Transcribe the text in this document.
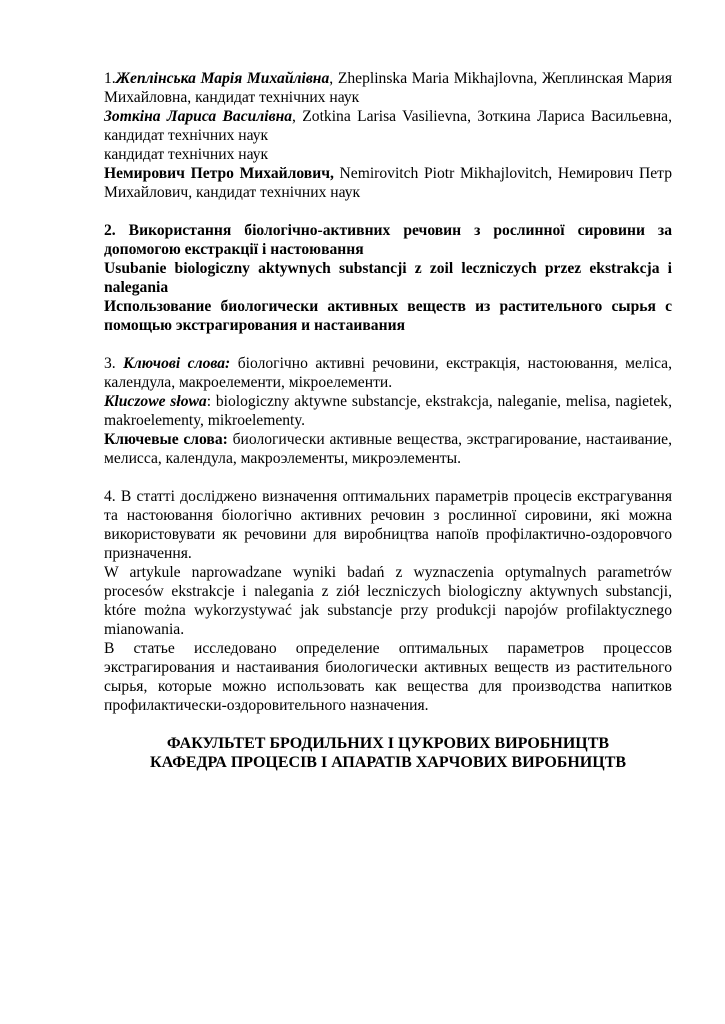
1.Жеплінська Марія Михайлівна, Zheplinska Maria Mikhajlovna, Жеплинская Мария Михайловна, кандидат технічних наук

Зоткіна Лариса Василівна, Zotkina Larisa Vasilievna, Зоткина Лариса Васильевна, кандидат технічних наук

кандидат технічних наук

Немирович Петро Михайлович, Nemirovitch Piotr Mikhajlovitch, Немирович Петр Михайлович, кандидат технічних наук

2. Використання біологічно-активних речовин з рослинної сировини за допомогою екстракції і настоювання

Usubanie biologiczny aktywnych substancji z zoil leczniczych przez ekstrakcja i nalegania

Использование биологически активных веществ из растительного сырья с помощью экстрагирования и настаивания

3. Ключові слова: біологічно активні речовини, екстракція, настоювання, меліса, календула, макроелементи, мікроелементи.

Kluczowe słowa: biologiczny aktywne substancje, ekstrakcja, naleganie, melisa, nagietek, makroelementy, mikroelementy.

Ключевые слова: биологически активные вещества, экстрагирование, настаивание, мелисса, календула, макроэлементы, микроэлементы.

4. В статті досліджено визначення оптимальних параметрів процесів екстрагування та настоювання біологічно активних речовин з рослинної сировини, які можна використовувати як речовини для виробництва напоїв профілактично-оздоровчого призначення.

W artykule naprowadzane wyniki badań z wyznaczenia optymalnych parametrów procesów ekstrakcje i nalegania z ziół leczniczych biologiczny aktywnych substancji, które można wykorzystywać jak substancje przy produkcji napojów profilaktycznego mianowania.

В статье исследовано определение оптимальных параметров процессов экстрагирования и настаивания биологически активных веществ из растительного сырья, которые можно использовать как вещества для производства напитков профилактически-оздоровительного назначения.

ФАКУЛЬТЕТ БРОДИЛЬНИХ І ЦУКРОВИХ ВИРОБНИЦТВ

КАФЕДРА ПРОЦЕСІВ І АПАРАТІВ ХАРЧОВИХ ВИРОБНИЦТВ
